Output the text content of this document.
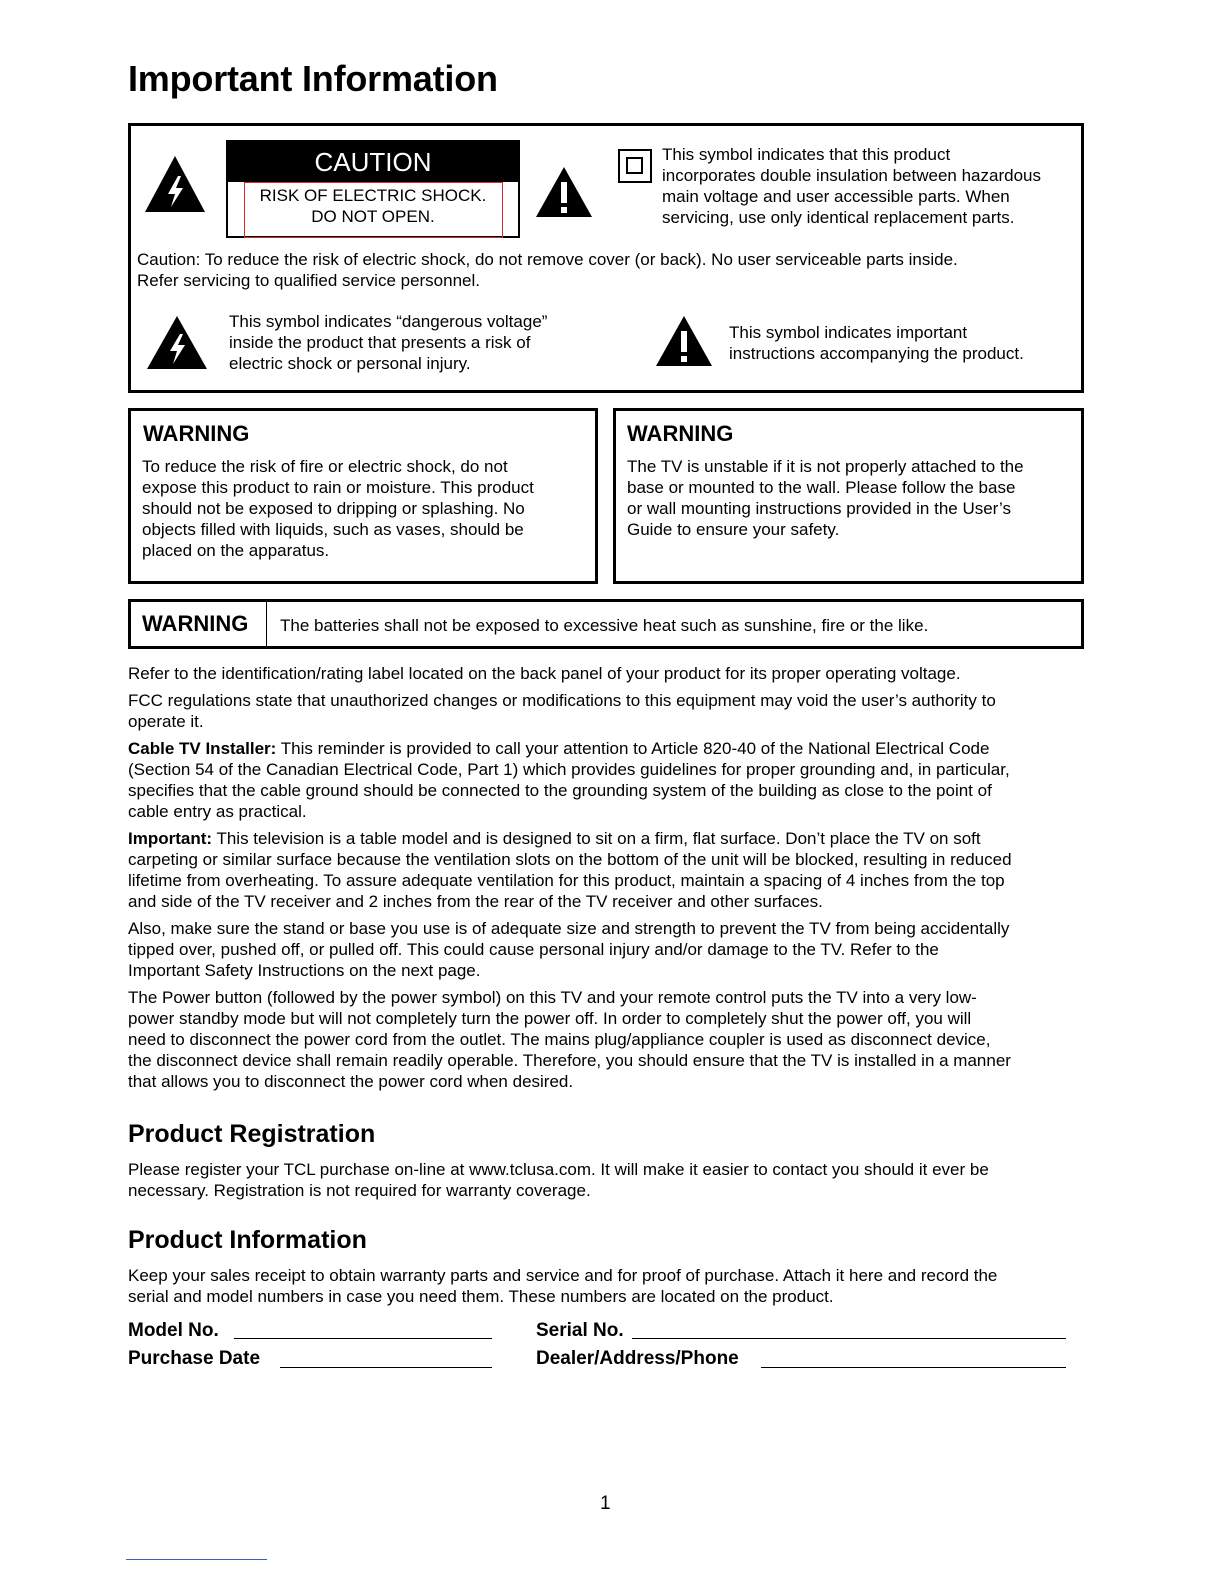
Important Information
CAUTION
RISK OF ELECTRIC SHOCK.
DO NOT OPEN.
This symbol indicates that this product
incorporates double insulation between hazardous
main voltage and user accessible parts. When
servicing, use only identical replacement parts.
Caution: To reduce the risk of electric shock, do not remove cover (or back). No user serviceable parts inside.
Refer servicing to qualified service personnel.
This symbol indicates “dangerous voltage”
inside the product that presents a risk of
electric shock or personal injury.
This symbol indicates important
instructions accompanying the product.
WARNING
To reduce the risk of fire or electric shock, do not
expose this product to rain or moisture. This product
should not be exposed to dripping or splashing. No
objects filled with liquids, such as vases, should be
placed on the apparatus.
WARNING
The TV is unstable if it is not properly attached to the
base or mounted to the wall. Please follow the base
or wall mounting instructions provided in the User’s
Guide to ensure your safety.
WARNING The batteries shall not be exposed to excessive heat such as sunshine, fire or the like.
Refer to the identification/rating label located on the back panel of your product for its proper operating voltage.
FCC regulations state that unauthorized changes or modifications to this equipment may void the user’s authority to
operate it.
Cable TV Installer: This reminder is provided to call your attention to Article 820-40 of the National Electrical Code
(Section 54 of the Canadian Electrical Code, Part 1) which provides guidelines for proper grounding and, in particular,
specifies that the cable ground should be connected to the grounding system of the building as close to the point of
cable entry as practical.
Important: This television is a table model and is designed to sit on a firm, flat surface. Don’t place the TV on soft
carpeting or similar surface because the ventilation slots on the bottom of the unit will be blocked, resulting in reduced
lifetime from overheating. To assure adequate ventilation for this product, maintain a spacing of 4 inches from the top
and side of the TV receiver and 2 inches from the rear of the TV receiver and other surfaces.
Also, make sure the stand or base you use is of adequate size and strength to prevent the TV from being accidentally
tipped over, pushed off, or pulled off. This could cause personal injury and/or damage to the TV. Refer to the
Important Safety Instructions on the next page.
The Power button (followed by the power symbol) on this TV and your remote control puts the TV into a very low-
power standby mode but will not completely turn the power off. In order to completely shut the power off, you will
need to disconnect the power cord from the outlet. The mains plug/appliance coupler is used as disconnect device,
the disconnect device shall remain readily operable. Therefore, you should ensure that the TV is installed in a manner
that allows you to disconnect the power cord when desired.
Product Registration
Please register your TCL purchase on-line at www.tclusa.com. It will make it easier to contact you should it ever be
necessary. Registration is not required for warranty coverage.
Product Information
Keep your sales receipt to obtain warranty parts and service and for proof of purchase. Attach it here and record the
serial and model numbers in case you need them. These numbers are located on the product.
Model No.	Serial No.
Purchase Date	Dealer/Address/Phone
1
